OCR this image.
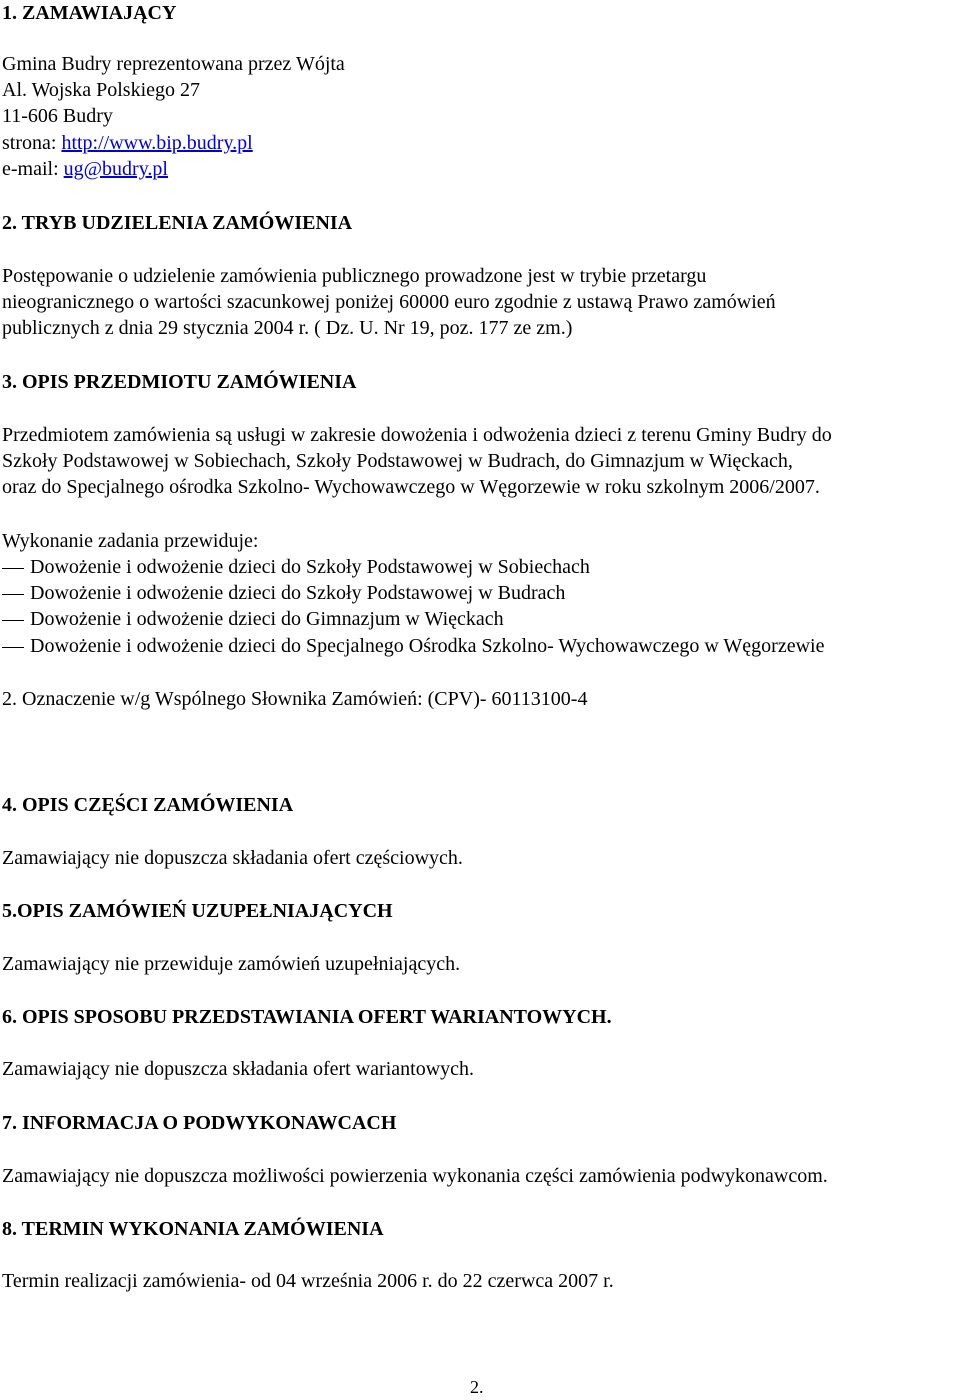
1. ZAMAWIAJĄCY
Gmina Budry reprezentowana przez Wójta
Al. Wojska Polskiego 27
11-606 Budry
strona: http://www.bip.budry.pl
e-mail: ug@budry.pl
2. TRYB UDZIELENIA ZAMÓWIENIA
Postępowanie o udzielenie zamówienia publicznego prowadzone jest w trybie przetargu
nieogranicznego o wartości szacunkowej poniżej 60000 euro zgodnie z ustawą Prawo zamówień
publicznych z dnia 29 stycznia 2004 r. ( Dz. U. Nr 19, poz. 177 ze zm.)
3. OPIS PRZEDMIOTU ZAMÓWIENIA
Przedmiotem zamówienia są usługi w zakresie dowożenia i odwożenia dzieci z terenu Gminy Budry do
Szkoły Podstawowej w Sobiechach, Szkoły Podstawowej w Budrach, do Gimnazjum w Więckach,
oraz do Specjalnego ośrodka Szkolno- Wychowawczego w Węgorzewie w roku szkolnym 2006/2007.
Wykonanie zadania przewiduje:
Dowożenie i odwożenie dzieci do Szkoły Podstawowej w Sobiechach
Dowożenie i odwożenie dzieci do Szkoły Podstawowej w Budrach
Dowożenie i odwożenie dzieci do Gimnazjum w Więckach
Dowożenie i odwożenie dzieci do Specjalnego Ośrodka Szkolno- Wychowawczego w Węgorzewie
2. Oznaczenie w/g Wspólnego Słownika Zamówień: (CPV)- 60113100-4
4. OPIS CZĘŚCI ZAMÓWIENIA
Zamawiający nie dopuszcza składania ofert częściowych.
5.OPIS ZAMÓWIEŃ UZUPEŁNIAJĄCYCH
Zamawiający nie przewiduje zamówień uzupełniających.
6. OPIS SPOSOBU PRZEDSTAWIANIA OFERT WARIANTOWYCH.
Zamawiający nie dopuszcza składania ofert wariantowych.
7. INFORMACJA O PODWYKONAWCACH
Zamawiający nie dopuszcza możliwości powierzenia wykonania części zamówienia podwykonawcom.
8. TERMIN WYKONANIA ZAMÓWIENIA
Termin realizacji zamówienia- od 04 września 2006 r. do 22 czerwca 2007 r.
2.
